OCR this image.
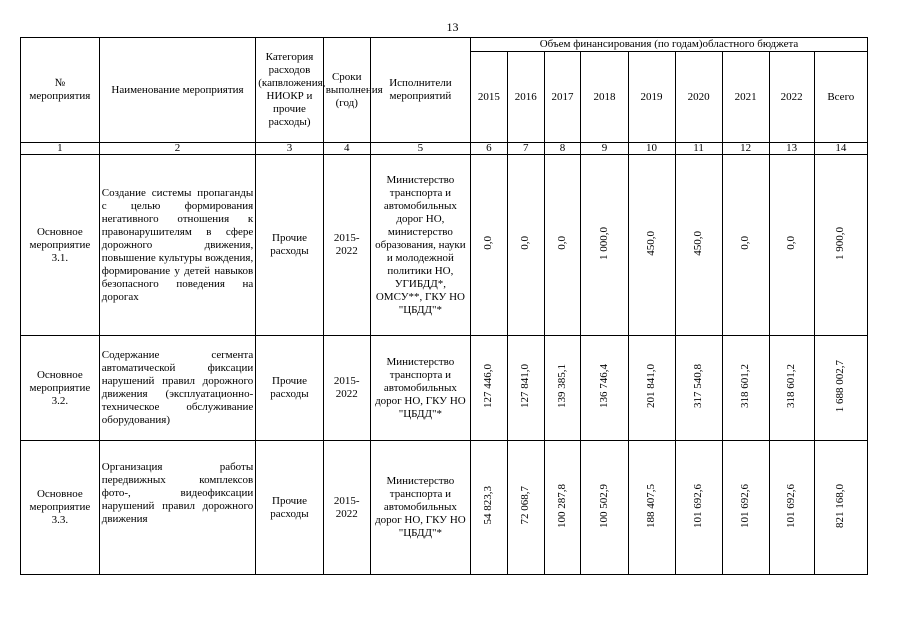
13
№ мероприятия	Наименование мероприятия	Категория расходов (капвложения, НИОКР и прочие расходы)	Сроки выполнения (год)	Исполнители мероприятий	Объем финансирования (по годам)областного бюджета								
					2015	2016	2017	2018	2019	2020	2021	2022	Всего
1	2	3	4	5	6	7	8	9	10	11	12	13	14
Основное мероприятие 3.1.	Создание системы пропаганды с целью формирования негативного отношения к правонарушителям в сфере дорожного движения, повышение культуры вождения, формирование у детей навыков безопасного поведения на дорогах	Прочие расходы	2015-2022	Министерство транспорта и автомобильных дорог НО, министерство образования, науки и молодежной политики НО, УГИБДД*, ОМСУ**, ГКУ НО "ЦБДД"*	0,0	0,0	0,0	1 000,0	450,0	450,0	0,0	0,0	1 900,0
Основное мероприятие 3.2.	Содержание сегмента автоматической фиксации нарушений правил дорожного движения (эксплуатационно-техническое обслуживание оборудования)	Прочие расходы	2015-2022	Министерство транспорта и автомобильных дорог НО, ГКУ НО "ЦБДД"*	127 446,0	127 841,0	139 385,1	136 746,4	201 841,0	317 540,8	318 601,2	318 601,2	1 688 002,7
Основное мероприятие 3.3.	Организация работы передвижных комплексов фото-, видеофиксации нарушений правил дорожного движения	Прочие расходы	2015-2022	Министерство транспорта и автомобильных дорог НО, ГКУ НО "ЦБДД"*	54 823,3	72 068,7	100 287,8	100 502,9	188 407,5	101 692,6	101 692,6	101 692,6	821 168,0
